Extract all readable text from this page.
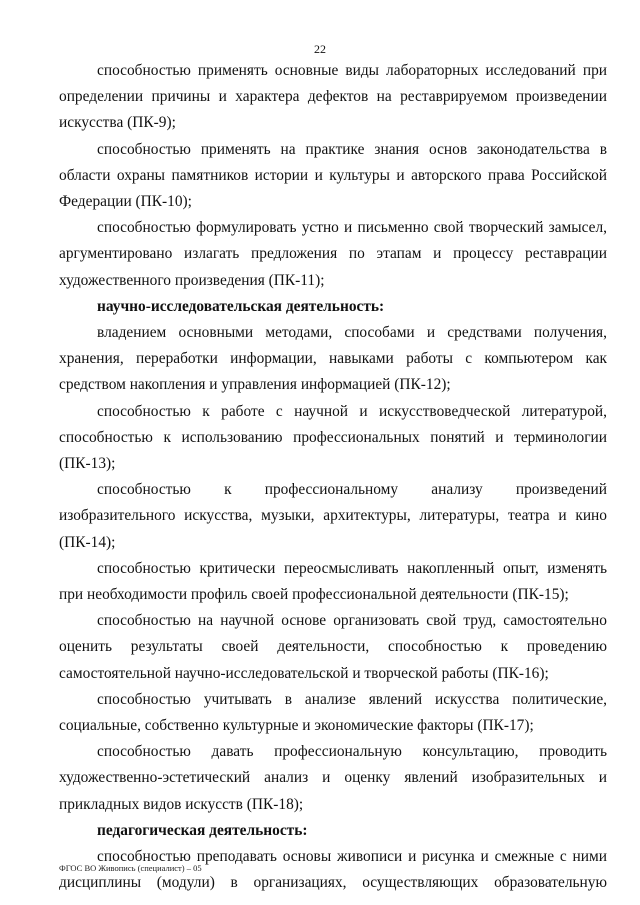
22

способностью применять основные виды лабораторных исследований при определении причины и характера дефектов на реставрируемом произведении искусства (ПК-9);

способностью применять на практике знания основ законодательства в области охраны памятников истории и культуры и авторского права Российской Федерации (ПК-10);

способностью формулировать устно и письменно свой творческий замысел, аргументировано излагать предложения по этапам и процессу реставрации художественного произведения (ПК-11);

научно-исследовательская деятельность:

владением основными методами, способами и средствами получения, хранения, переработки информации, навыками работы с компьютером как средством накопления и управления информацией (ПК-12);

способностью к работе с научной и искусствоведческой литературой, способностью к использованию профессиональных понятий и терминологии (ПК-13);

способностью к профессиональному анализу произведений изобразительного искусства, музыки, архитектуры, литературы, театра и кино (ПК-14);

способностью критически переосмысливать накопленный опыт, изменять при необходимости профиль своей профессиональной деятельности (ПК-15);

способностью на научной основе организовать свой труд, самостоятельно оценить результаты своей деятельности, способностью к проведению самостоятельной научно-исследовательской и творческой работы (ПК-16);

способностью учитывать в анализе явлений искусства политические, социальные, собственно культурные и экономические факторы (ПК-17);

способностью давать профессиональную консультацию, проводить художественно-эстетический анализ и оценку явлений изобразительных и прикладных видов искусств (ПК-18);

педагогическая деятельность:

способностью преподавать основы живописи и рисунка и смежные с ними дисциплины (модули) в организациях, осуществляющих образовательную

ФГОС ВО Живопись (специалист) – 05
